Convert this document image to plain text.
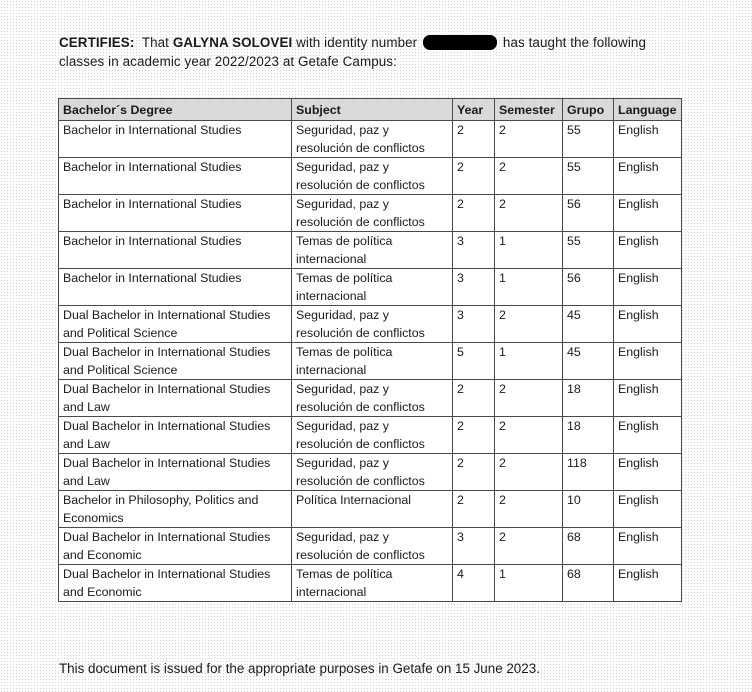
CERTIFIES: That GALYNA SOLOVEI with identity number	has taught the following classes in academic year 2022/2023 at Getafe Campus:
Bachelor´s Degree	Subject	Year	Semester	Grupo	Language
Bachelor in International Studies	Seguridad, paz y resolución de conflictos	2	2	55	English
Bachelor in International Studies	Seguridad, paz y resolución de conflictos	2	2	55	English
Bachelor in International Studies	Seguridad, paz y resolución de conflictos	2	2	56	English
Bachelor in International Studies	Temas de política internacional	3	1	55	English
Bachelor in International Studies	Temas de política internacional	3	1	56	English
Dual Bachelor in International Studies and Political Science	Seguridad, paz y resolución de conflictos	3	2	45	English
Dual Bachelor in International Studies and Political Science	Temas de política internacional	5	1	45	English
Dual Bachelor in International Studies and Law	Seguridad, paz y resolución de conflictos	2	2	18	English
Dual Bachelor in International Studies and Law	Seguridad, paz y resolución de conflictos	2	2	18	English
Dual Bachelor in International Studies and Law	Seguridad, paz y resolución de conflictos	2	2	118	English
Bachelor in Philosophy, Politics and Economics	Política Internacional	2	2	10	English
Dual Bachelor in International Studies and Economic	Seguridad, paz y resolución de conflictos	3	2	68	English
Dual Bachelor in International Studies and Economic	Temas de política internacional	4	1	68	English
This document is issued for the appropriate purposes in Getafe on 15 June 2023.
